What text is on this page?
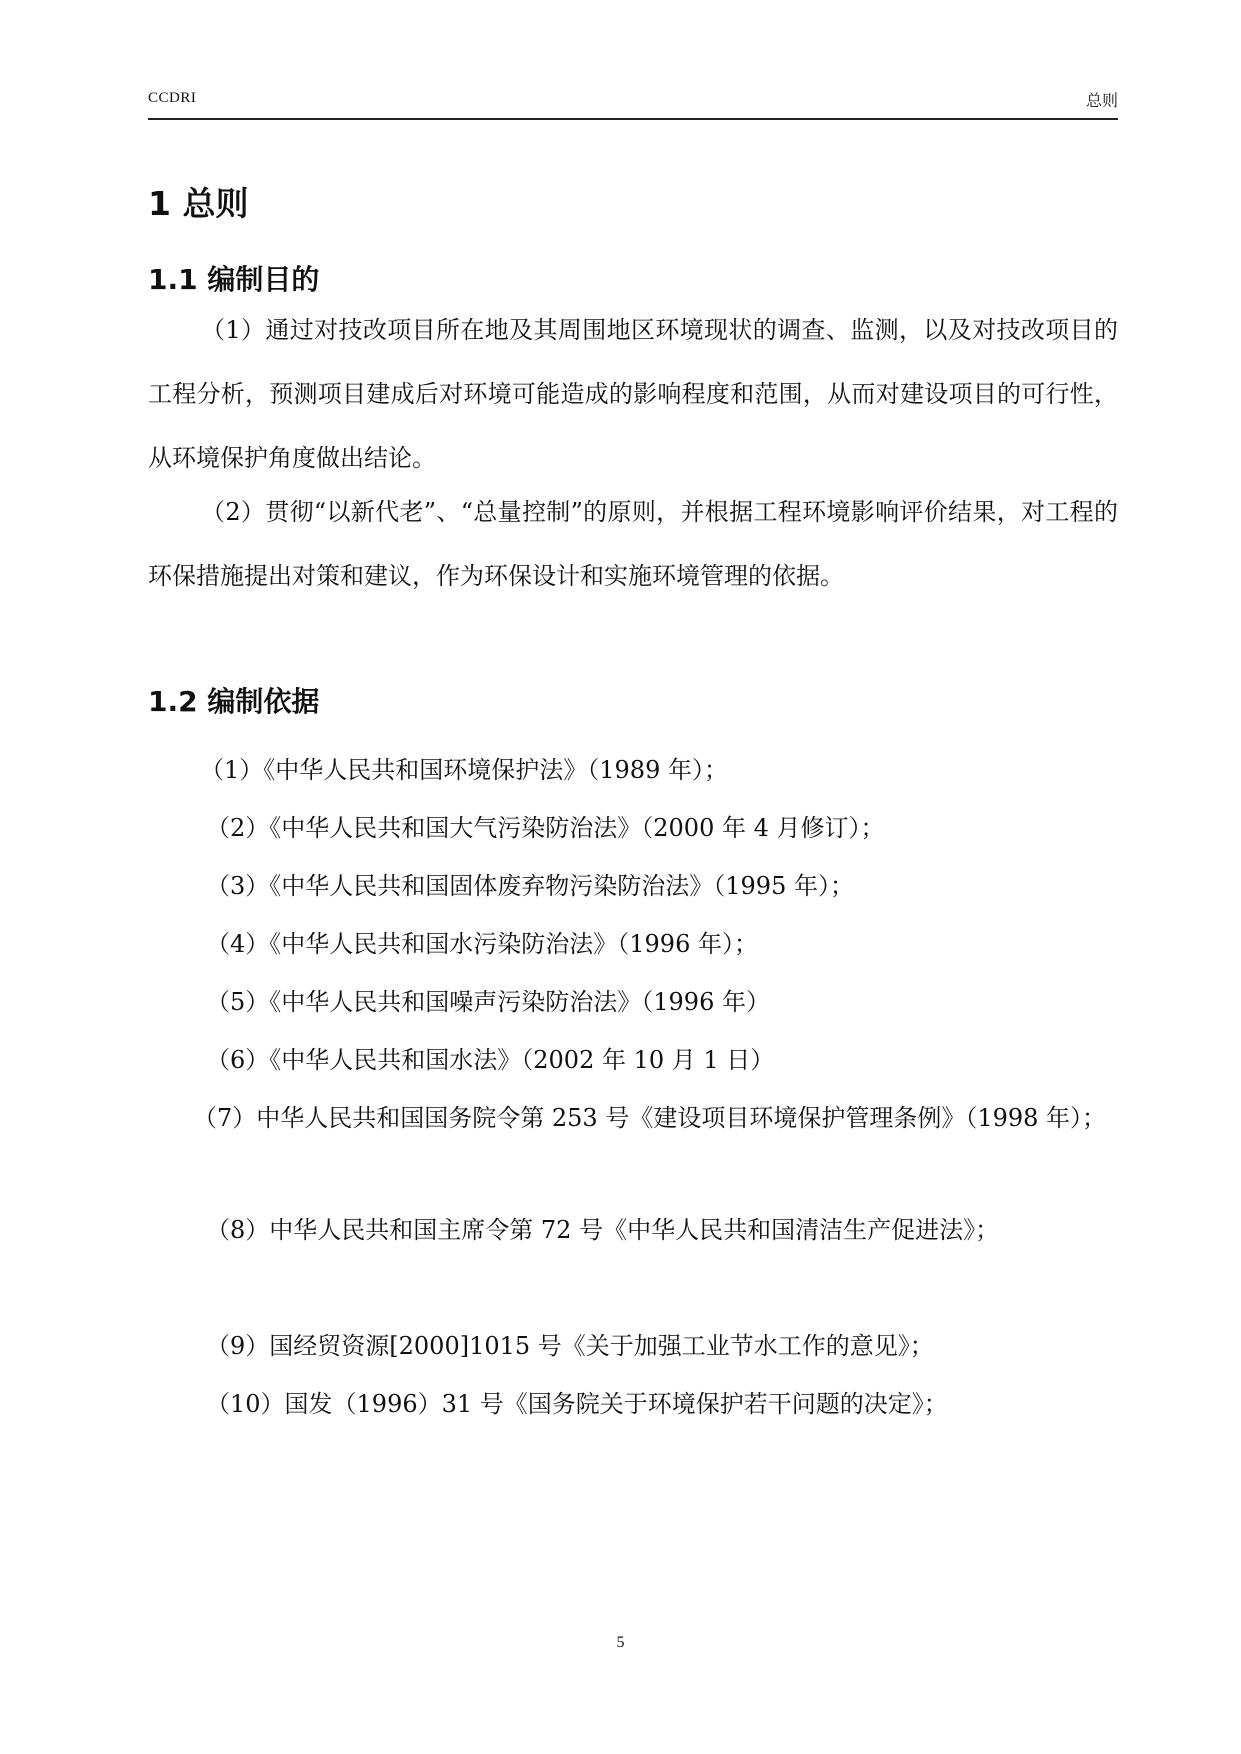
CCDRI	总则
1 总则
1.1 编制目的

（1）通过对技改项目所在地及其周围地区环境现状的调查、监测，以及对技改项目的工程分析，预测项目建成后对环境可能造成的影响程度和范围，从而对建设项目的可行性，从环境保护角度做出结论。

（2）贯彻“以新代老”、“总量控制”的原则，并根据工程环境影响评价结果，对工程的环保措施提出对策和建议，作为环保设计和实施环境管理的依据。

1.2 编制依据

（1）《中华人民共和国环境保护法》（1989 年）；

（2）《中华人民共和国大气污染防治法》（2000 年 4 月修订）；

（3）《中华人民共和国固体废弃物污染防治法》（1995 年）；

（4）《中华人民共和国水污染防治法》（1996 年）；

（5）《中华人民共和国噪声污染防治法》（1996 年）

（6）《中华人民共和国水法》（2002 年 10 月 1 日）

（7）中华人民共和国国务院令第 253 号《建设项目环境保护管理条例》（1998 年）；

（8）中华人民共和国主席令第 72 号《中华人民共和国清洁生产促进法》；

（9）国经贸资源[2000]1015 号《关于加强工业节水工作的意见》；

（10）国发（1996）31 号《国务院关于环境保护若干问题的决定》；

5
